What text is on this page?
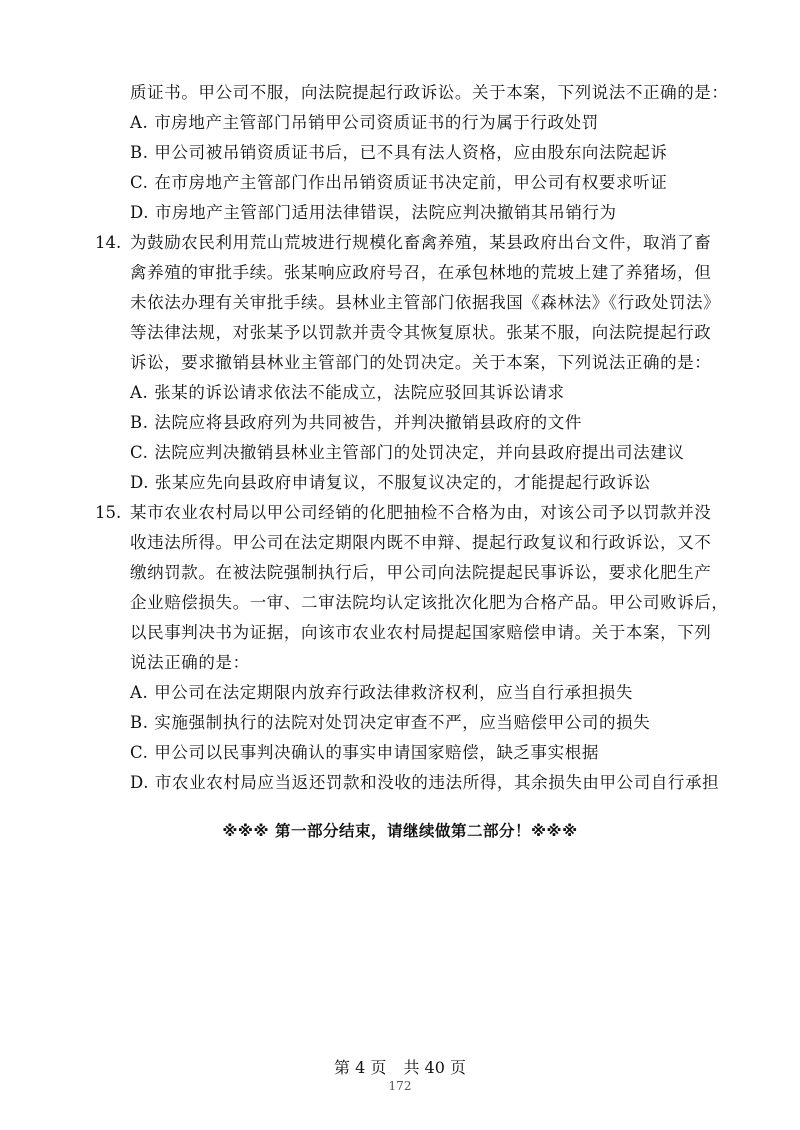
质证书。甲公司不服，向法院提起行政诉讼。关于本案，下列说法不正确的是：
A. 市房地产主管部门吊销甲公司资质证书的行为属于行政处罚
B. 甲公司被吊销资质证书后，已不具有法人资格，应由股东向法院起诉
C. 在市房地产主管部门作出吊销资质证书决定前，甲公司有权要求听证
D. 市房地产主管部门适用法律错误，法院应判决撤销其吊销行为
14. 为鼓励农民利用荒山荒坡进行规模化畜禽养殖，某县政府出台文件，取消了畜
禽养殖的审批手续。张某响应政府号召，在承包林地的荒坡上建了养猪场，但
未依法办理有关审批手续。县林业主管部门依据我国《森林法》《行政处罚法》
等法律法规，对张某予以罚款并责令其恢复原状。张某不服，向法院提起行政
诉讼，要求撤销县林业主管部门的处罚决定。关于本案，下列说法正确的是：
A. 张某的诉讼请求依法不能成立，法院应驳回其诉讼请求
B. 法院应将县政府列为共同被告，并判决撤销县政府的文件
C. 法院应判决撤销县林业主管部门的处罚决定，并向县政府提出司法建议
D. 张某应先向县政府申请复议，不服复议决定的，才能提起行政诉讼
15. 某市农业农村局以甲公司经销的化肥抽检不合格为由，对该公司予以罚款并没
收违法所得。甲公司在法定期限内既不申辩、提起行政复议和行政诉讼，又不
缴纳罚款。在被法院强制执行后，甲公司向法院提起民事诉讼，要求化肥生产
企业赔偿损失。一审、二审法院均认定该批次化肥为合格产品。甲公司败诉后，
以民事判决书为证据，向该市农业农村局提起国家赔偿申请。关于本案，下列
说法正确的是：
A. 甲公司在法定期限内放弃行政法律救济权利，应当自行承担损失
B. 实施强制执行的法院对处罚决定审查不严，应当赔偿甲公司的损失
C. 甲公司以民事判决确认的事实申请国家赔偿，缺乏事实根据
D. 市农业农村局应当返还罚款和没收的违法所得，其余损失由甲公司自行承担
※※※ 第一部分结束，请继续做第二部分！※※※
第 4 页 共 40 页
172
